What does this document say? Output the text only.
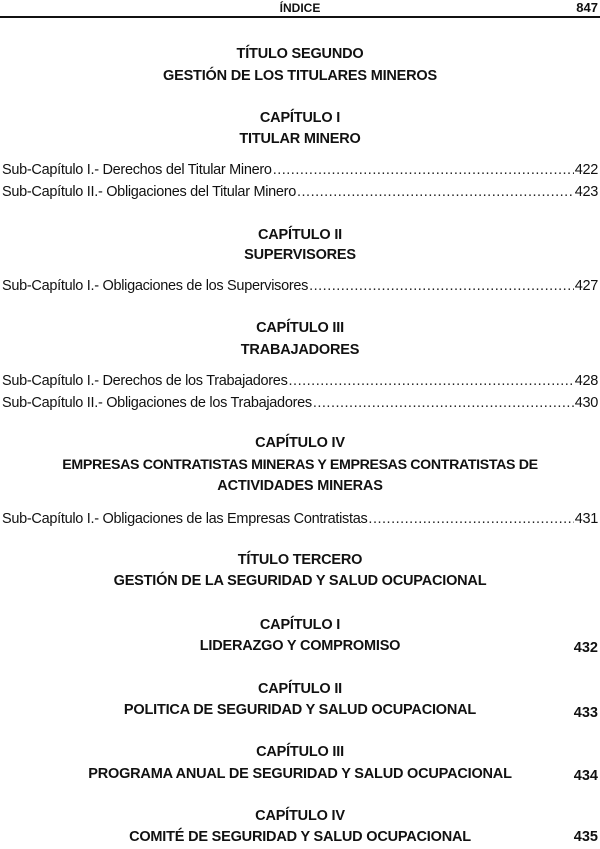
ÍNDICE	847
TÍTULO SEGUNDO
GESTIÓN DE LOS TITULARES MINEROS
CAPÍTULO I
TITULAR MINERO
Sub-Capítulo I.- Derechos del Titular Minero .....	422
Sub-Capítulo II.- Obligaciones del Titular Minero .....	423
CAPÍTULO II
SUPERVISORES
Sub-Capítulo I.- Obligaciones de los Supervisores .....	427
CAPÍTULO III
TRABAJADORES
Sub-Capítulo I.- Derechos de los Trabajadores .....	428
Sub-Capítulo II.- Obligaciones de los Trabajadores .....	430
CAPÍTULO IV
EMPRESAS CONTRATISTAS MINERAS Y EMPRESAS CONTRATISTAS DE
ACTIVIDADES MINERAS
Sub-Capítulo I.- Obligaciones de las Empresas Contratistas .....	431
TÍTULO TERCERO
GESTIÓN DE LA SEGURIDAD Y SALUD OCUPACIONAL
CAPÍTULO I
LIDERAZGO Y COMPROMISO	432
CAPÍTULO II
POLITICA DE SEGURIDAD Y SALUD OCUPACIONAL	433
CAPÍTULO III
PROGRAMA ANUAL DE SEGURIDAD Y SALUD OCUPACIONAL	434
CAPÍTULO IV
COMITÉ DE SEGURIDAD Y SALUD OCUPACIONAL	435
